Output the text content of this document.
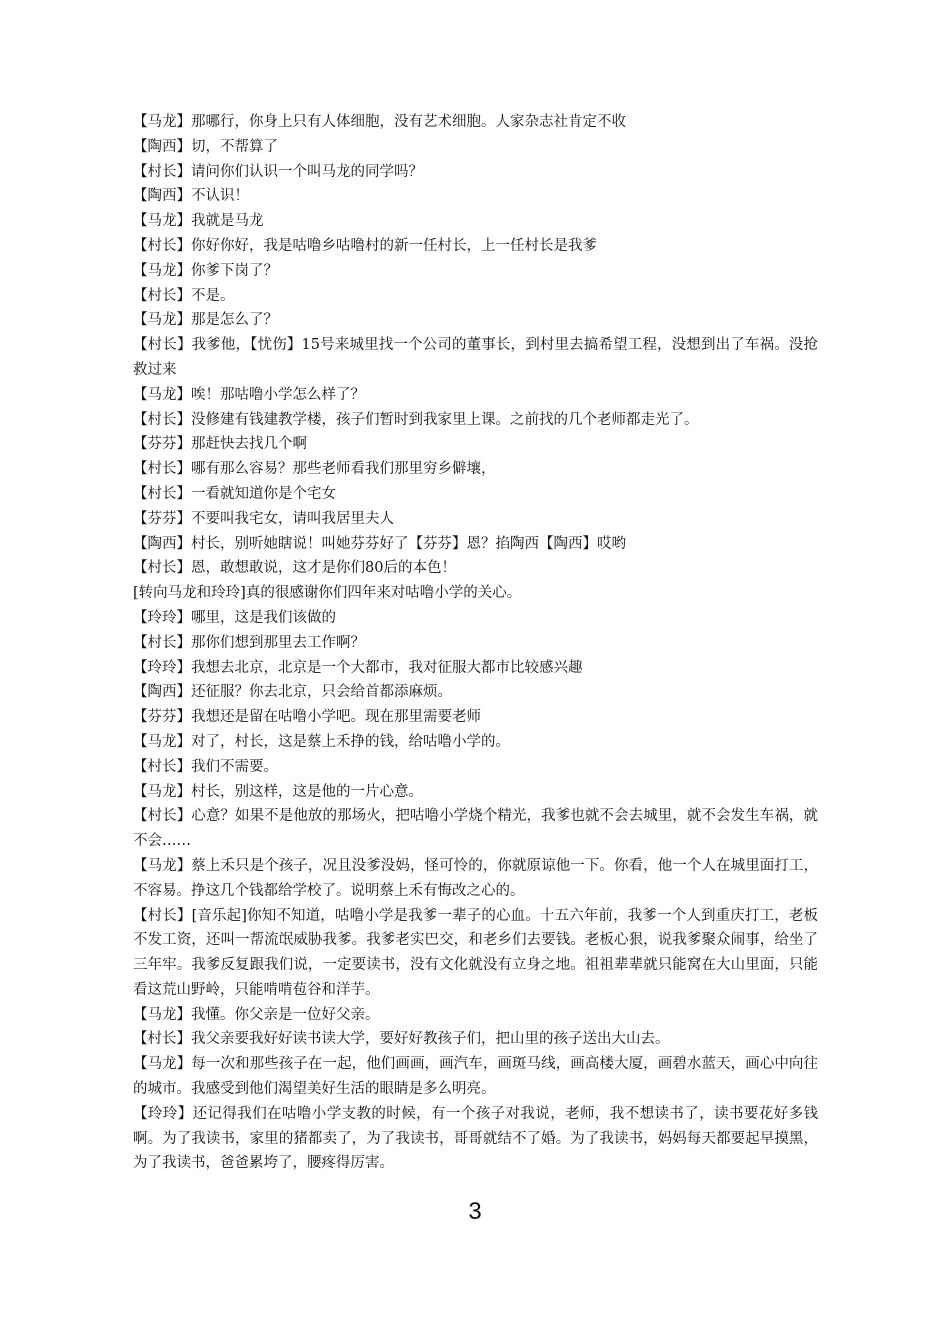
【马龙】那哪行，你身上只有人体细胞，没有艺术细胞。人家杂志社肯定不收
【陶西】切，不帮算了
【村长】请问你们认识一个叫马龙的同学吗？
【陶西】不认识！
【马龙】我就是马龙
【村长】你好你好，我是咕噜乡咕噜村的新一任村长，上一任村长是我爹
【马龙】你爹下岗了？
【村长】不是。
【马龙】那是怎么了？
【村长】我爹他，【忧伤】15号来城里找一个公司的董事长，到村里去搞希望工程，没想到出了车祸。没抢救过来
【马龙】唉！那咕噜小学怎么样了？
【村长】没修建有钱建教学楼，孩子们暂时到我家里上课。之前找的几个老师都走光了。
【芬芬】那赶快去找几个啊
【村长】哪有那么容易？那些老师看我们那里穷乡僻壤，
【村长】一看就知道你是个宅女
【芬芬】不要叫我宅女，请叫我居里夫人
【陶西】村长，别听她瞎说！叫她芬芬好了【芬芬】恩？掐陶西【陶西】哎哟
【村长】恩，敢想敢说，这才是你们80后的本色！
[转向马龙和玲玲]真的很感谢你们四年来对咕噜小学的关心。
【玲玲】哪里，这是我们该做的
【村长】那你们想到那里去工作啊？
【玲玲】我想去北京，北京是一个大都市，我对征服大都市比较感兴趣
【陶西】还征服？你去北京，只会给首都添麻烦。
【芬芬】我想还是留在咕噜小学吧。现在那里需要老师
【马龙】对了，村长，这是蔡上禾挣的钱，给咕噜小学的。
【村长】我们不需要。
【马龙】村长，别这样，这是他的一片心意。
【村长】心意？如果不是他放的那场火，把咕噜小学烧个精光，我爹也就不会去城里，就不会发生车祸，就不会……
【马龙】蔡上禾只是个孩子，况且没爹没妈，怪可怜的，你就原谅他一下。你看，他一个人在城里面打工，不容易。挣这几个钱都给学校了。说明蔡上禾有悔改之心的。
【村长】[音乐起]你知不知道，咕噜小学是我爹一辈子的心血。十五六年前，我爹一个人到重庆打工，老板不发工资，还叫一帮流氓威胁我爹。我爹老实巴交，和老乡们去要钱。老板心狠，说我爹聚众闹事，给坐了三年牢。我爹反复跟我们说，一定要读书，没有文化就没有立身之地。祖祖辈辈就只能窝在大山里面，只能看这荒山野岭，只能啃啃苞谷和洋芋。
【马龙】我懂。你父亲是一位好父亲。
【村长】我父亲要我好好读书读大学，要好好教孩子们，把山里的孩子送出大山去。
【马龙】每一次和那些孩子在一起，他们画画，画汽车，画斑马线，画高楼大厦，画碧水蓝天，画心中向往的城市。我感受到他们渴望美好生活的眼睛是多么明亮。
【玲玲】还记得我们在咕噜小学支教的时候，有一个孩子对我说，老师，我不想读书了，读书要花好多钱啊。为了我读书，家里的猪都卖了，为了我读书，哥哥就结不了婚。为了我读书，妈妈每天都要起早摸黑，为了我读书，爸爸累垮了，腰疼得厉害。
3
